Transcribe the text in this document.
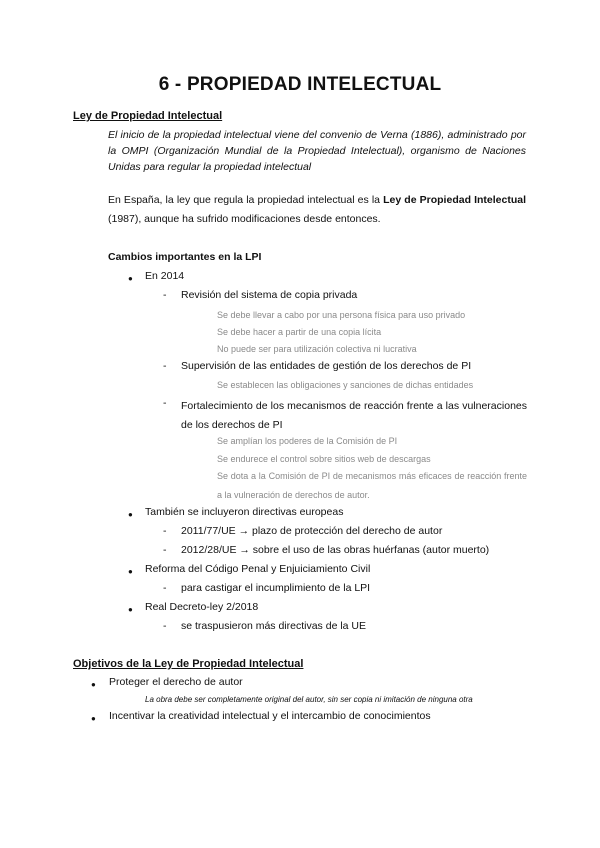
6 - PROPIEDAD INTELECTUAL
Ley de Propiedad Intelectual
El inicio de la propiedad intelectual viene del convenio de Verna (1886), administrado por la OMPI (Organización Mundial de la Propiedad Intelectual), organismo de Naciones Unidas para regular la propiedad intelectual
En España, la ley que regula la propiedad intelectual es la Ley de Propiedad Intelectual (1987), aunque ha sufrido modificaciones desde entonces.
Cambios importantes en la LPI
● En 2014
- Revisión del sistema de copia privada
Se debe llevar a cabo por una persona física para uso privado
Se debe hacer a partir de una copia lícita
No puede ser para utilización colectiva ni lucrativa
- Supervisión de las entidades de gestión de los derechos de PI
Se establecen las obligaciones y sanciones de dichas entidades
- Fortalecimiento de los mecanismos de reacción frente a las vulneraciones de los derechos de PI
Se amplían los poderes de la Comisión de PI
Se endurece el control sobre sitios web de descargas
Se dota a la Comisión de PI de mecanismos más eficaces de reacción frente a la vulneración de derechos de autor.
● También se incluyeron directivas europeas
- 2011/77/UE → plazo de protección del derecho de autor
- 2012/28/UE → sobre el uso de las obras huérfanas (autor muerto)
● Reforma del Código Penal y Enjuiciamiento Civil
- para castigar el incumplimiento de la LPI
● Real Decreto-ley 2/2018
- se traspusieron más directivas de la UE
Objetivos de la Ley de Propiedad Intelectual
● Proteger el derecho de autor
La obra debe ser completamente original del autor, sin ser copia ni imitación de ninguna otra
● Incentivar la creatividad intelectual y el intercambio de conocimientos
